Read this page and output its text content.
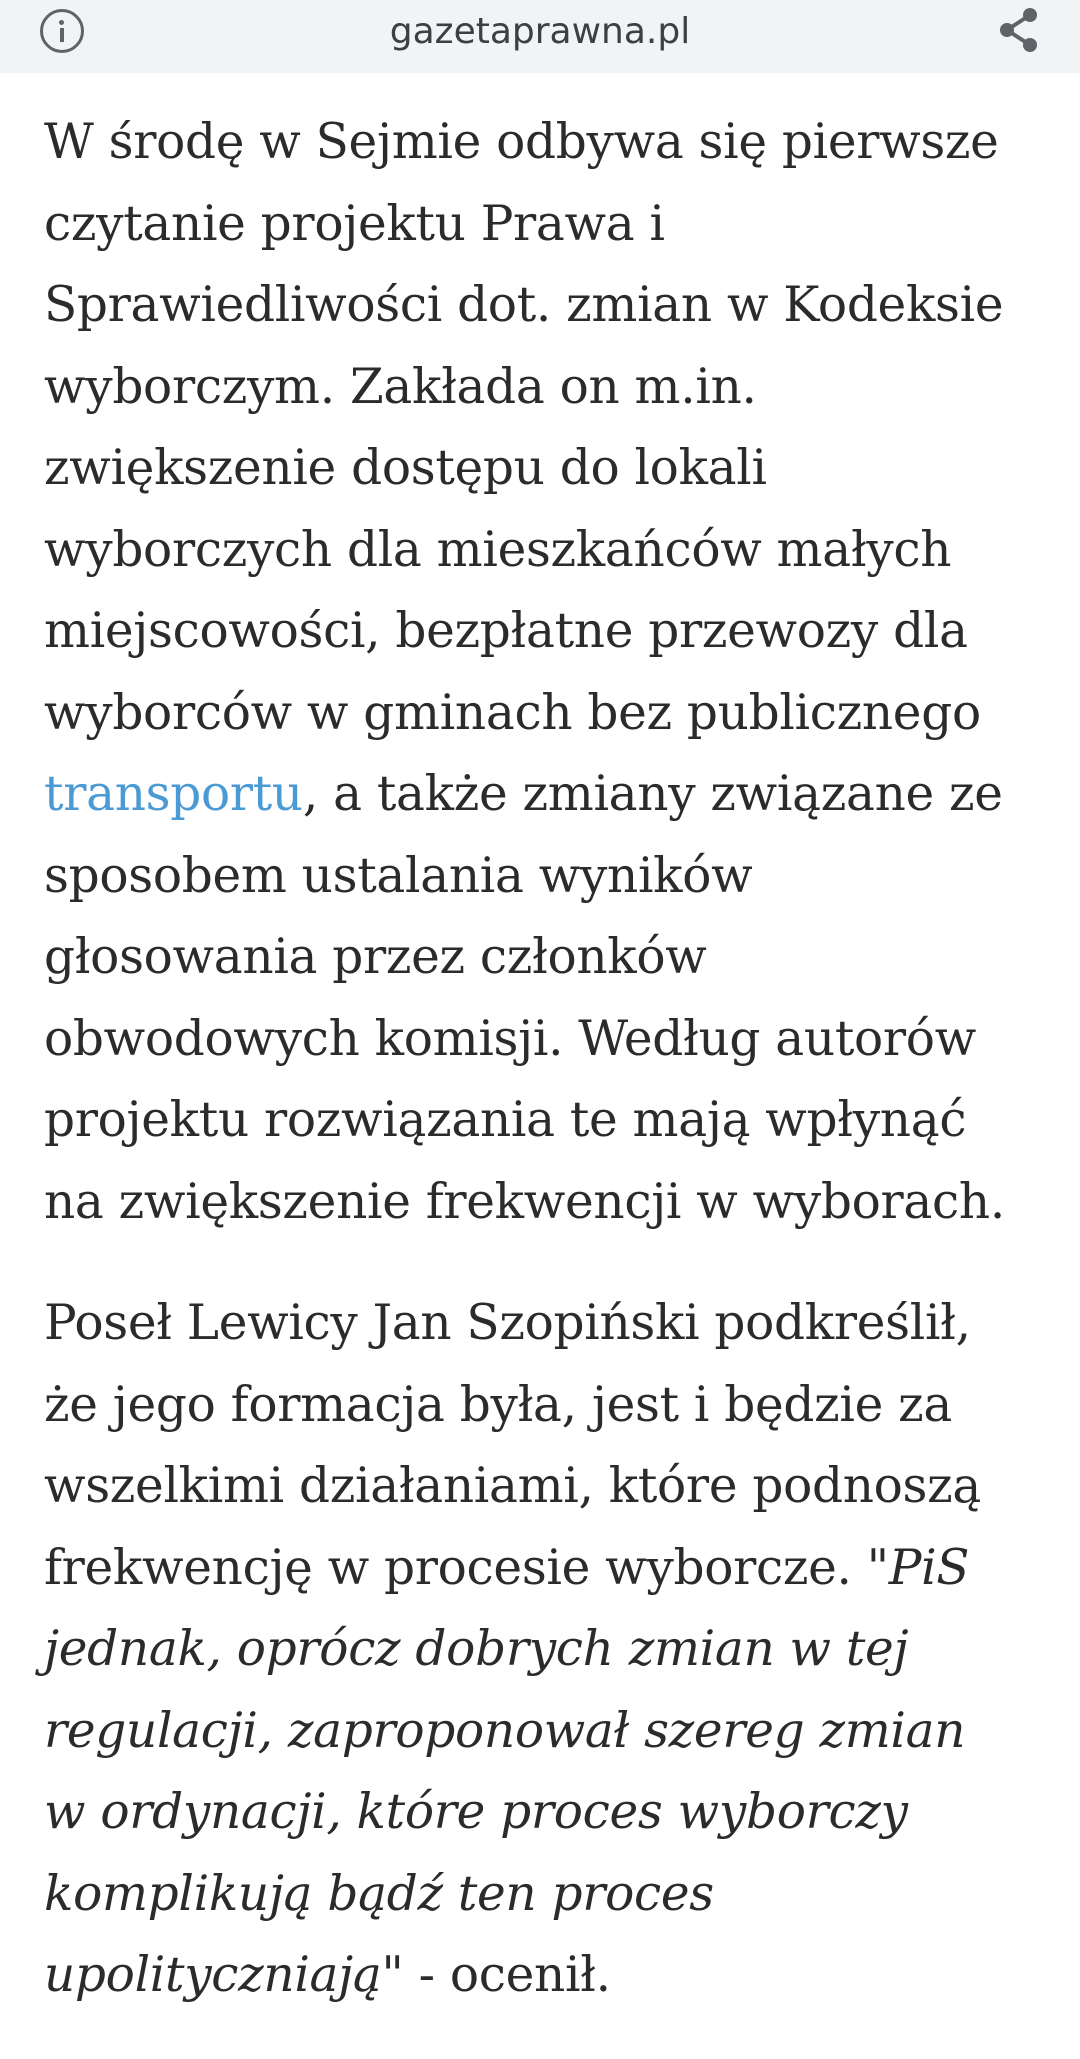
gazetaprawna.pl

W środę w Sejmie odbywa się pierwsze
czytanie projektu Prawa i
Sprawiedliwości dot. zmian w Kodeksie
wyborczym. Zakłada on m.in.
zwiększenie dostępu do lokali
wyborczych dla mieszkańców małych
miejscowości, bezpłatne przewozy dla
wyborców w gminach bez publicznego
transportu, a także zmiany związane ze
sposobem ustalania wyników
głosowania przez członków
obwodowych komisji. Według autorów
projektu rozwiązania te mają wpłynąć
na zwiększenie frekwencji w wyborach.

Poseł Lewicy Jan Szopiński podkreślił,
że jego formacja była, jest i będzie za
wszelkimi działaniami, które podnoszą
frekwencję w procesie wyborcze. "PiS
jednak, oprócz dobrych zmian w tej
regulacji, zaproponował szereg zmian
w ordynacji, które proces wyborczy
komplikują bądź ten proces
upolityczniają" - ocenił.
